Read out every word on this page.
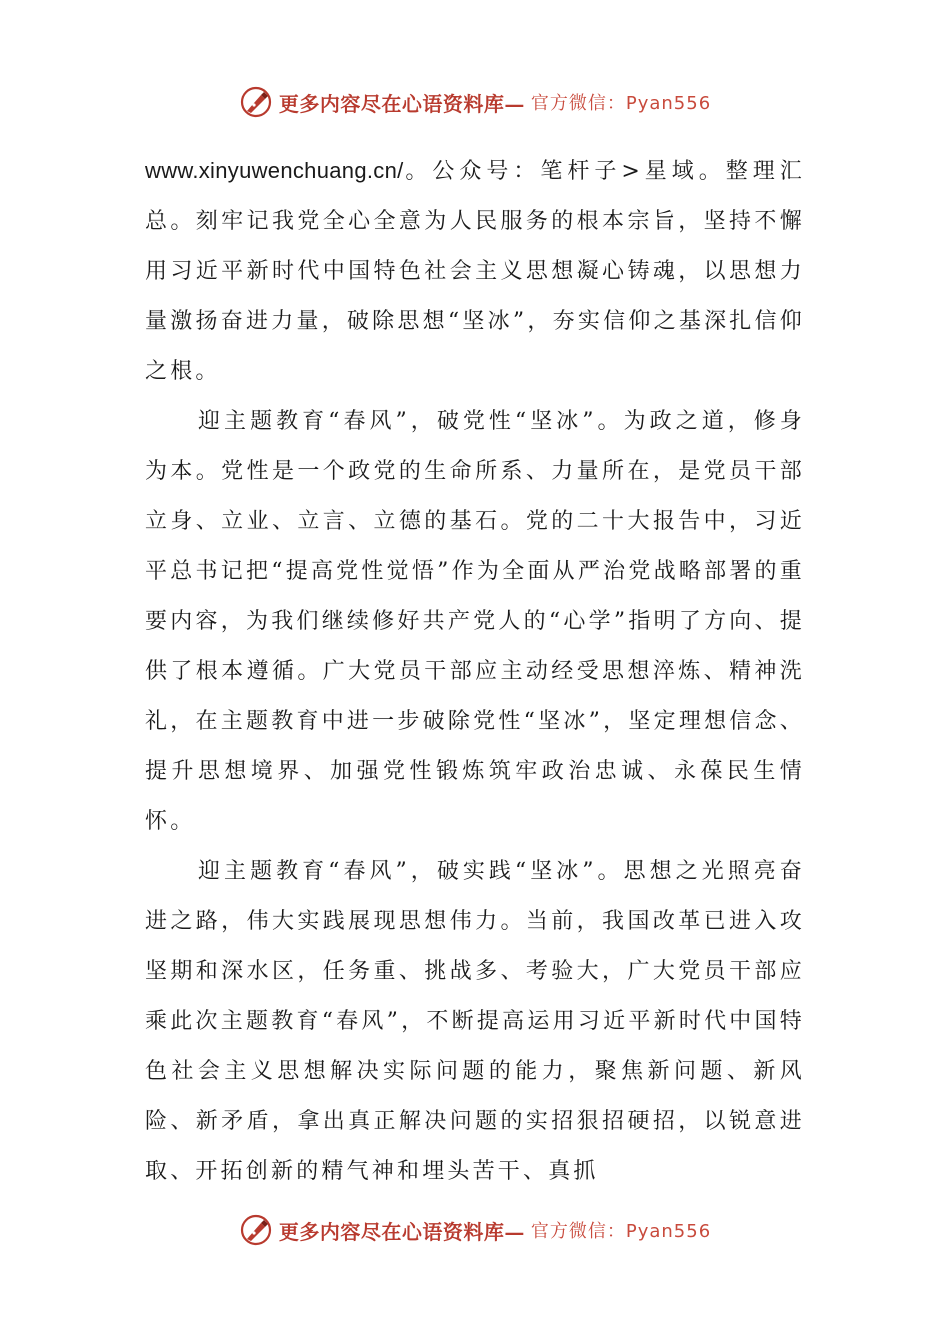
更多内容尽在心语资料库— 官方微信：Pyan556

www.xinyuwenchuang.cn/。公众号：笔杆子>星域。整理汇总。刻牢记我党全心全意为人民服务的根本宗旨，坚持不懈用习近平新时代中国特色社会主义思想凝心铸魂，以思想力量激扬奋进力量，破除思想“坚冰”，夯实信仰之基深扎信仰之根。

迎主题教育“春风”，破党性“坚冰”。为政之道，修身为本。党性是一个政党的生命所系、力量所在，是党员干部立身、立业、立言、立德的基石。党的二十大报告中，习近平总书记把“提高党性觉悟”作为全面从严治党战略部署的重要内容，为我们继续修好共产党人的“心学”指明了方向、提供了根本遵循。广大党员干部应主动经受思想淬炼、精神洗礼，在主题教育中进一步破除党性“坚冰”，坚定理想信念、提升思想境界、加强党性锻炼筑牢政治忠诚、永葆民生情怀。

迎主题教育“春风”，破实践“坚冰”。思想之光照亮奋进之路，伟大实践展现思想伟力。当前，我国改革已进入攻坚期和深水区，任务重、挑战多、考验大，广大党员干部应乘此次主题教育“春风”，不断提高运用习近平新时代中国特色社会主义思想解决实际问题的能力，聚焦新问题、新风险、新矛盾，拿出真正解决问题的实招狠招硬招，以锐意进取、开拓创新的精气神和埋头苦干、真抓

更多内容尽在心语资料库— 官方微信：Pyan556
